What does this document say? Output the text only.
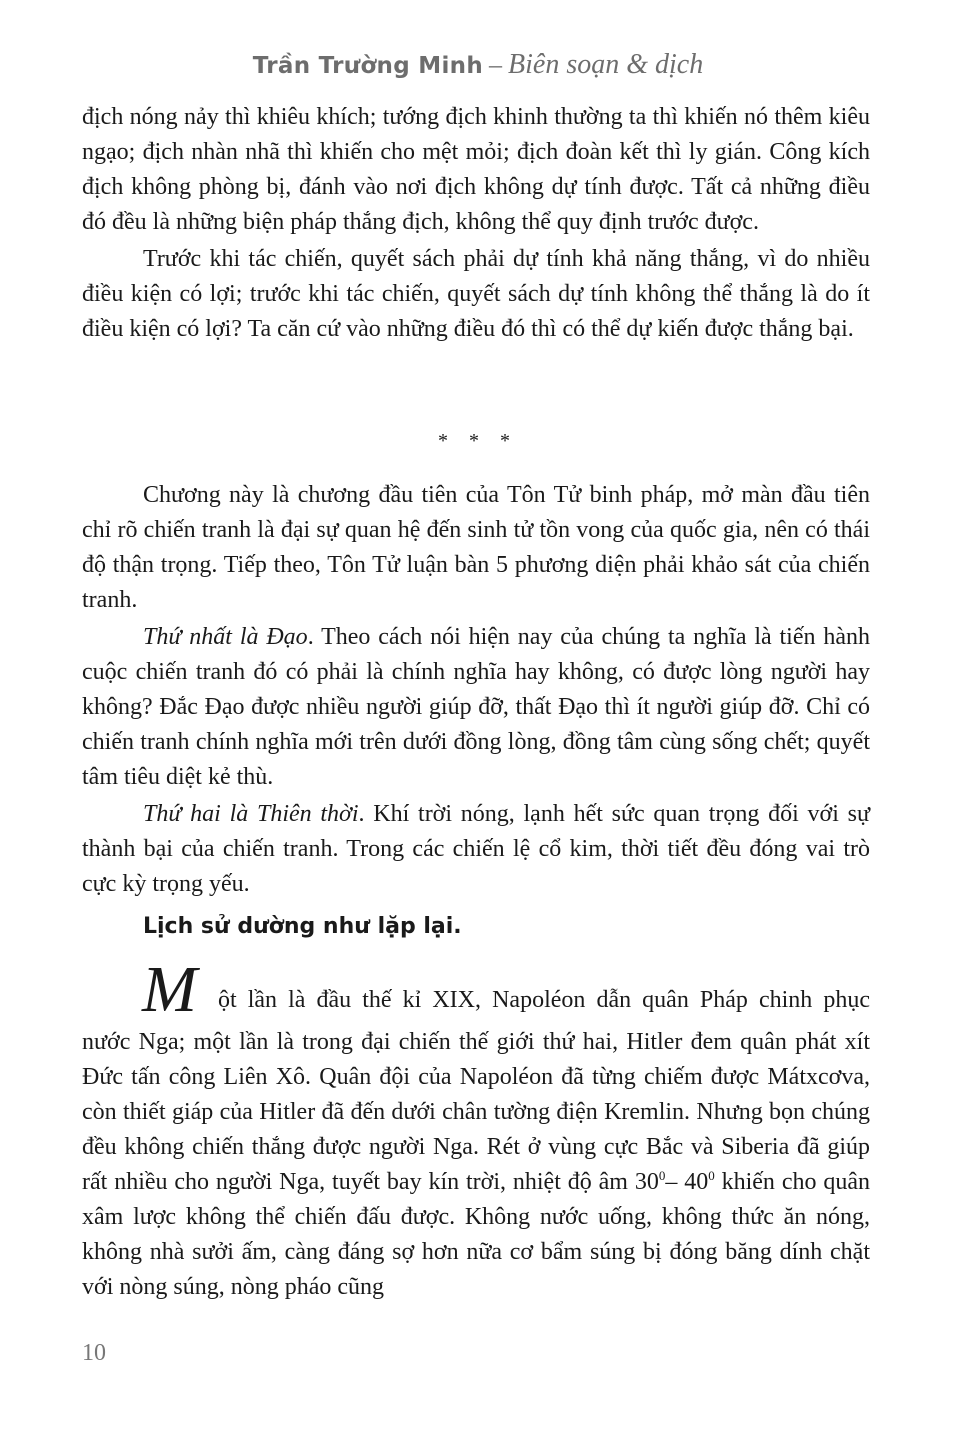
Trần Trường Minh – Biên soạn & dịch

địch nóng nảy thì khiêu khích; tướng địch khinh thường ta thì khiến nó thêm kiêu ngạo; địch nhàn nhã thì khiến cho mệt mỏi; địch đoàn kết thì ly gián. Công kích địch không phòng bị, đánh vào nơi địch không dự tính được. Tất cả những điều đó đều là những biện pháp thắng địch, không thể quy định trước được.

Trước khi tác chiến, quyết sách phải dự tính khả năng thắng, vì do nhiều điều kiện có lợi; trước khi tác chiến, quyết sách dự tính không thể thắng là do ít điều kiện có lợi? Ta căn cứ vào những điều đó thì có thể dự kiến được thắng bại.

* * *

Chương này là chương đầu tiên của Tôn Tử binh pháp, mở màn đầu tiên chỉ rõ chiến tranh là đại sự quan hệ đến sinh tử tồn vong của quốc gia, nên có thái độ thận trọng. Tiếp theo, Tôn Tử luận bàn 5 phương diện phải khảo sát của chiến tranh.

Thứ nhất là Đạo. Theo cách nói hiện nay của chúng ta nghĩa là tiến hành cuộc chiến tranh đó có phải là chính nghĩa hay không, có được lòng người hay không? Đắc Đạo được nhiều người giúp đỡ, thất Đạo thì ít người giúp đỡ. Chỉ có chiến tranh chính nghĩa mới trên dưới đồng lòng, đồng tâm cùng sống chết; quyết tâm tiêu diệt kẻ thù.

Thứ hai là Thiên thời. Khí trời nóng, lạnh hết sức quan trọng đối với sự thành bại của chiến tranh. Trong các chiến lệ cổ kim, thời tiết đều đóng vai trò cực kỳ trọng yếu.

Lịch sử dường như lặp lại.
M ột lần là đầu thế kỉ XIX, Napoléon dẫn quân Pháp chinh phục

nước Nga; một lần là trong đại chiến thế giới thứ hai, Hitler đem quân phát xít Đức tấn công Liên Xô. Quân đội của Napoléon đã từng chiếm được Mátxcơva, còn thiết giáp của Hitler đã đến dưới chân tường điện Kremlin. Nhưng bọn chúng đều không chiến thắng được người Nga. Rét ở vùng cực Bắc và Siberia đã giúp rất nhiều cho người Nga, tuyết bay kín trời, nhiệt độ âm $30^0-$ $40^0$ khiến cho quân xâm lược không thể chiến đấu được. Không nước uống, không thức ăn nóng, không nhà sưởi ấm, càng đáng sợ hơn nữa cơ bẩm súng bị đóng băng dính chặt với nòng súng, nòng pháo cũng

10
